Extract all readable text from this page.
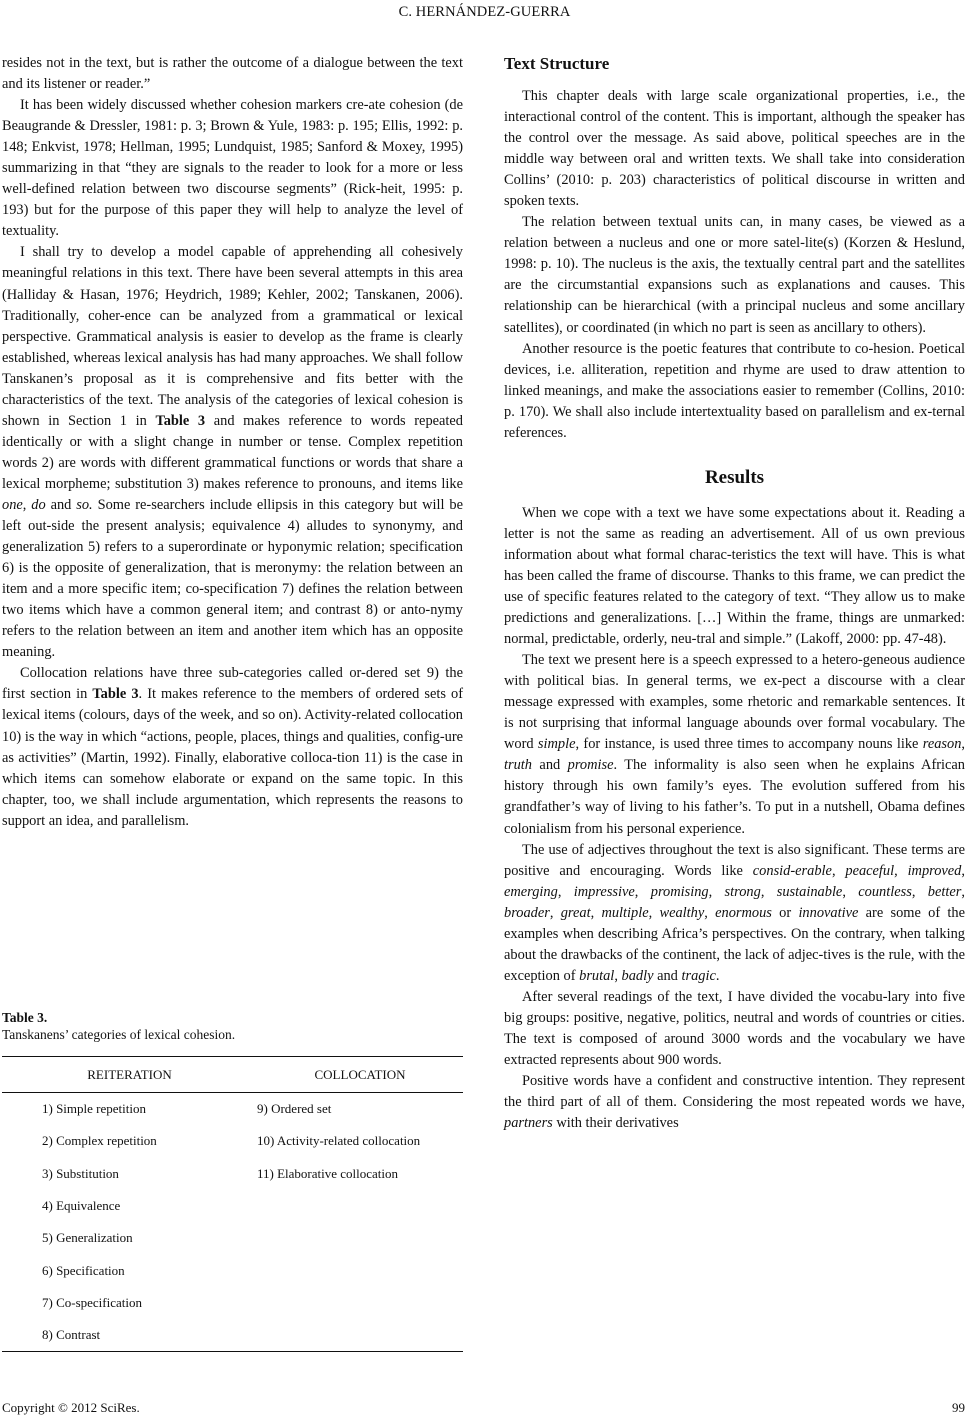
C. HERNÁNDEZ-GUERRA

resides not in the text, but is rather the outcome of a dialogue between the text and its listener or reader.”

It has been widely discussed whether cohesion markers cre-ate cohesion (de Beaugrande & Dressler, 1981: p. 3; Brown & Yule, 1983: p. 195; Ellis, 1992: p. 148; Enkvist, 1978; Hellman, 1995; Lundquist, 1985; Sanford & Moxey, 1995) summarizing in that “they are signals to the reader to look for a more or less well-defined relation between two discourse segments” (Rick-heit, 1995: p. 193) but for the purpose of this paper they will help to analyze the level of textuality.

I shall try to develop a model capable of apprehending all cohesively meaningful relations in this text. There have been several attempts in this area (Halliday & Hasan, 1976; Heydrich, 1989; Kehler, 2002; Tanskanen, 2006). Traditionally, coher-ence can be analyzed from a grammatical or lexical perspective. Grammatical analysis is easier to develop as the frame is clearly established, whereas lexical analysis has had many approaches. We shall follow Tanskanen’s proposal as it is comprehensive and fits better with the characteristics of the text. The analysis of the categories of lexical cohesion is shown in Section 1 in Table 3 and makes reference to words repeated identically or with a slight change in number or tense. Complex repetition words 2) are words with different grammatical functions or words that share a lexical morpheme; substitution 3) makes reference to pronouns, and items like one, do and so. Some re-searchers include ellipsis in this category but will be left out-side the present analysis; equivalence 4) alludes to synonymy, and generalization 5) refers to a superordinate or hyponymic relation; specification 6) is the opposite of generalization, that is meronymy: the relation between an item and a more specific item; co-specification 7) defines the relation between two items which have a common general item; and contrast 8) or anto-nymy refers to the relation between an item and another item which has an opposite meaning.

Collocation relations have three sub-categories called or-dered set 9) the first section in Table 3. It makes reference to the members of ordered sets of lexical items (colours, days of the week, and so on). Activity-related collocation 10) is the way in which “actions, people, places, things and qualities, config-ure as activities” (Martin, 1992). Finally, elaborative colloca-tion 11) is the case in which items can somehow elaborate or expand on the same topic. In this chapter, too, we shall include argumentation, which represents the reasons to support an idea, and parallelism.

Table 3.
Tanskanens’ categories of lexical cohesion.
REITERATION	COLLOCATION
1) Simple repetition	9) Ordered set
2) Complex repetition	10) Activity-related collocation
3) Substitution	11) Elaborative collocation
4) Equivalence	
5) Generalization	
6) Specification	
7) Co-specification	
8) Contrast	
Text Structure

This chapter deals with large scale organizational properties, i.e., the interactional control of the content. This is important, although the speaker has the control over the message. As said above, political speeches are in the middle way between oral and written texts. We shall take into consideration Collins’ (2010: p. 203) characteristics of political discourse in written and spoken texts.

The relation between textual units can, in many cases, be viewed as a relation between a nucleus and one or more satel-lite(s) (Korzen & Heslund, 1998: p. 10). The nucleus is the axis, the textually central part and the satellites are the circumstantial expansions such as explanations and causes. This relationship can be hierarchical (with a principal nucleus and some ancillary satellites), or coordinated (in which no part is seen as ancillary to others).

Another resource is the poetic features that contribute to co-hesion. Poetical devices, i.e. alliteration, repetition and rhyme are used to draw attention to linked meanings, and make the associations easier to remember (Collins, 2010: p. 170). We shall also include intertextuality based on parallelism and ex-ternal references.

Results

When we cope with a text we have some expectations about it. Reading a letter is not the same as reading an advertisement. All of us own previous information about what formal charac-teristics the text will have. This is what has been called the frame of discourse. Thanks to this frame, we can predict the use of specific features related to the category of text. “They allow us to make predictions and generalizations. […] Within the frame, things are unmarked: normal, predictable, orderly, neu-tral and simple.” (Lakoff, 2000: pp. 47-48).

The text we present here is a speech expressed to a hetero-geneous audience with political bias. In general terms, we ex-pect a discourse with a clear message expressed with examples, some rhetoric and remarkable sentences. It is not surprising that informal language abounds over formal vocabulary. The word simple, for instance, is used three times to accompany nouns like reason, truth and promise. The informality is also seen when he explains African history through his own family’s eyes. The evolution suffered from his grandfather’s way of living to his father’s. To put in a nutshell, Obama defines colonialism from his personal experience.

The use of adjectives throughout the text is also significant. These terms are positive and encouraging. Words like consid-erable, peaceful, improved, emerging, impressive, promising, strong, sustainable, countless, better, broader, great, multiple, wealthy, enormous or innovative are some of the examples when describing Africa’s perspectives. On the contrary, when talking about the drawbacks of the continent, the lack of adjec-tives is the rule, with the exception of brutal, badly and tragic.

After several readings of the text, I have divided the vocabu-lary into five big groups: positive, negative, politics, neutral and words of countries or cities. The text is composed of around 3000 words and the vocabulary we have extracted represents about 900 words.

Positive words have a confident and constructive intention. They represent the third part of all of them. Considering the most repeated words we have, partners with their derivatives

Copyright © 2012 SciRes.	99
